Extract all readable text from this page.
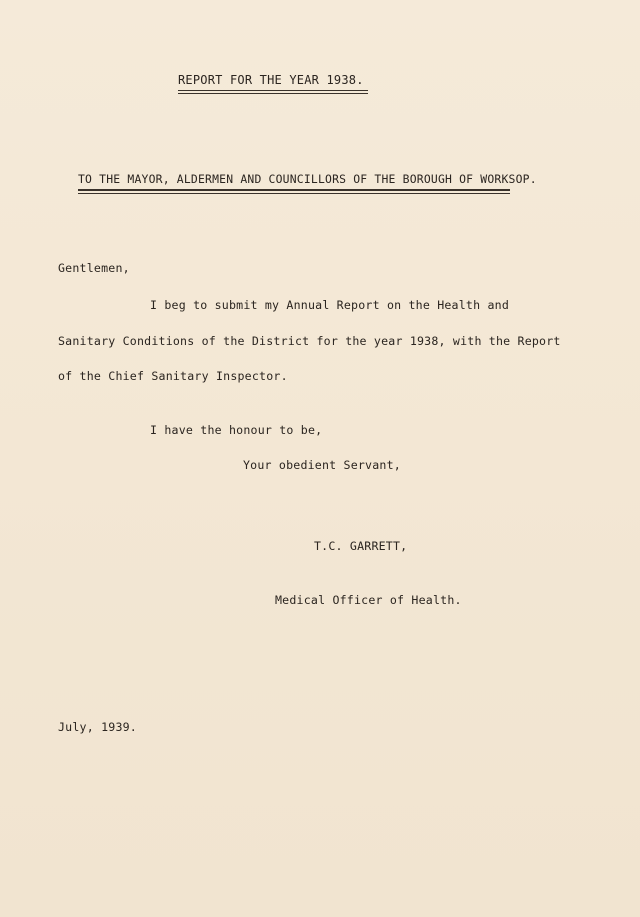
REPORT FOR THE YEAR 1938.
TO THE MAYOR, ALDERMEN AND COUNCILLORS OF THE BOROUGH OF WORKSOP.
Gentlemen,
I beg to submit my Annual Report on the Health and
Sanitary Conditions of the District for the year 1938, with the Report
of the Chief Sanitary Inspector.
I have the honour to be,
Your obedient Servant,
T.C. GARRETT,
Medical Officer of Health.
July, 1939.
